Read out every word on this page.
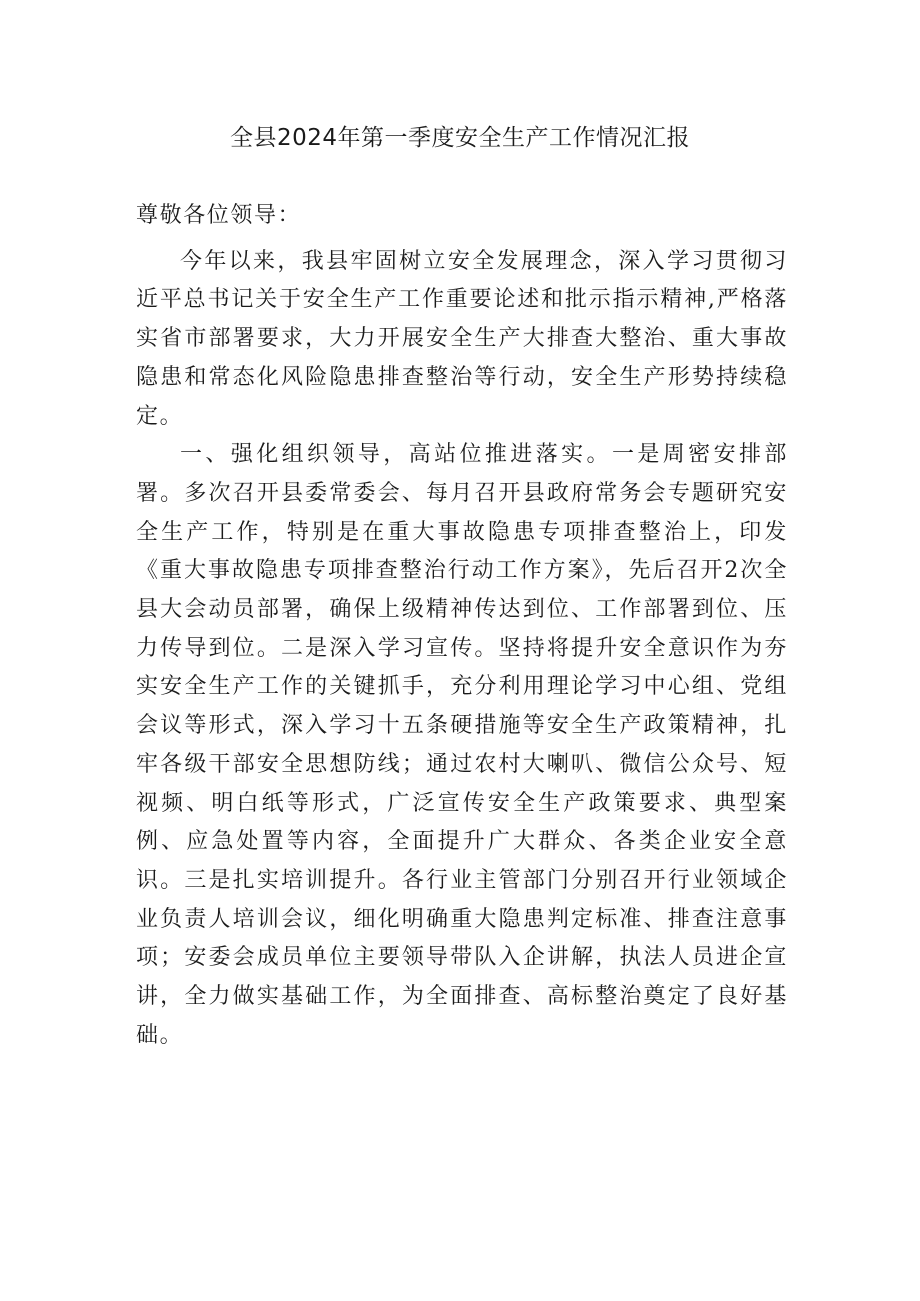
全县2024年第一季度安全生产工作情况汇报

尊敬各位领导：

今年以来，我县牢固树立安全发展理念，深入学习贯彻习近平总书记关于安全生产工作重要论述和批示指示精神,严格落实省市部署要求，大力开展安全生产大排查大整治、重大事故隐患和常态化风险隐患排查整治等行动，安全生产形势持续稳定。

一、强化组织领导，高站位推进落实。一是周密安排部署。多次召开县委常委会、每月召开县政府常务会专题研究安全生产工作，特别是在重大事故隐患专项排查整治上，印发《重大事故隐患专项排查整治行动工作方案》，先后召开2次全县大会动员部署，确保上级精神传达到位、工作部署到位、压力传导到位。二是深入学习宣传。坚持将提升安全意识作为夯实安全生产工作的关键抓手，充分利用理论学习中心组、党组会议等形式，深入学习十五条硬措施等安全生产政策精神，扎牢各级干部安全思想防线；通过农村大喇叭、微信公众号、短视频、明白纸等形式，广泛宣传安全生产政策要求、典型案例、应急处置等内容，全面提升广大群众、各类企业安全意识。三是扎实培训提升。各行业主管部门分别召开行业领域企业负责人培训会议，细化明确重大隐患判定标准、排查注意事项；安委会成员单位主要领导带队入企讲解，执法人员进企宣讲，全力做实基础工作，为全面排查、高标整治奠定了良好基础。
